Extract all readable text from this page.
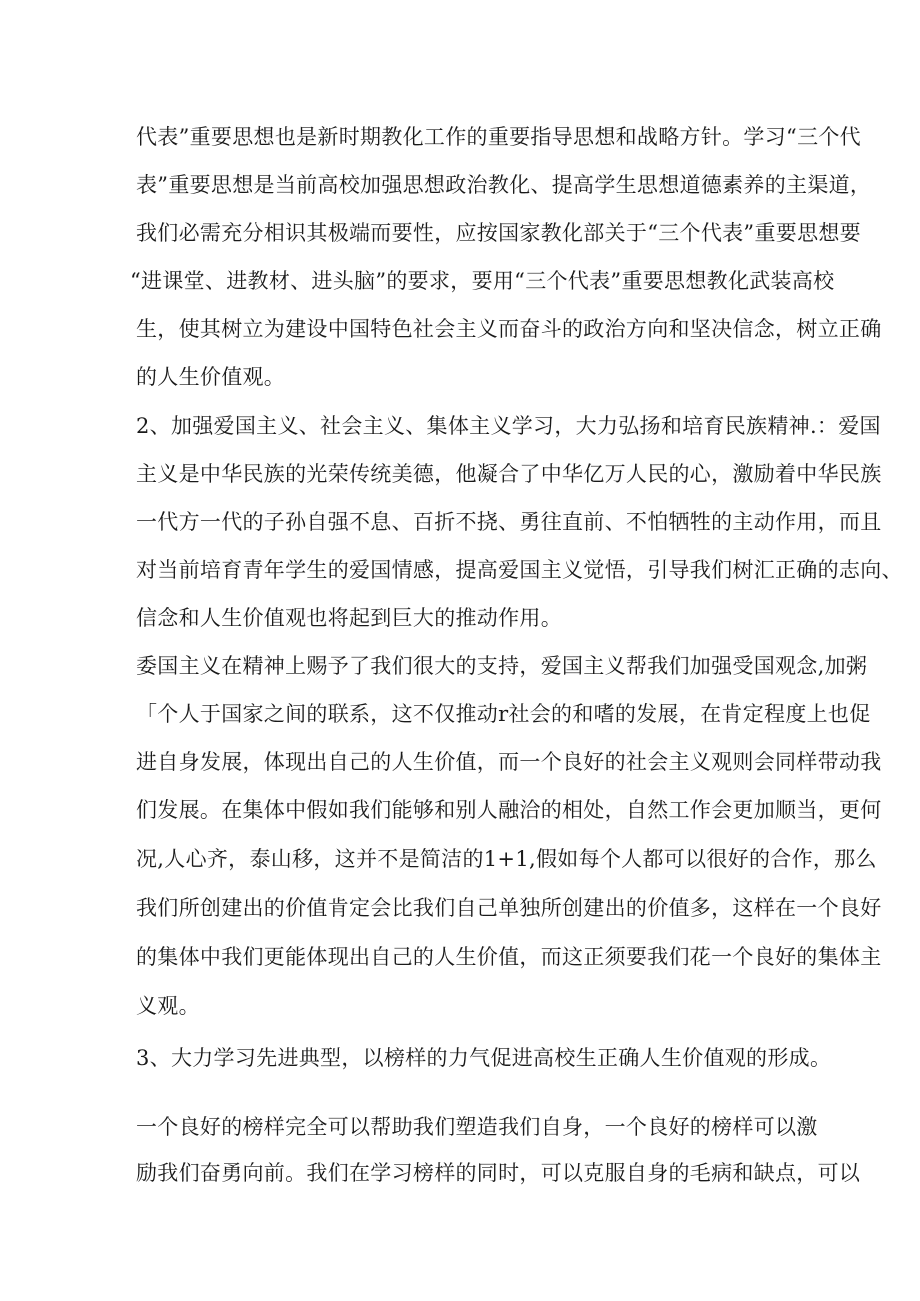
代表”重要思想也是新时期教化工作的重要指导思想和战略方针。学习“三个代
表”重要思想是当前高校加强思想政治教化、提高学生思想道德素养的主渠道，
我们必需充分相识其极端而要性，应按国家教化部关于“三个代表”重要思想要
“进课堂、进教材、进头脑”的要求，要用“三个代表”重要思想教化武装高校
生，使其树立为建设中国特色社会主义而奋斗的政治方向和坚决信念，树立正确
的人生价值观。
2、加强爱国主义、社会主义、集体主义学习，大力弘扬和培育民族精神.：爱国
主义是中华民族的光荣传统美德，他凝合了中华亿万人民的心，激励着中华民族
一代方一代的子孙自强不息、百折不挠、勇往直前、不怕牺牲的主动作用，而且
对当前培育青年学生的爱国情感，提高爱国主义觉悟，引导我们树汇正确的志向、
信念和人生价值观也将起到巨大的推动作用。
委国主义在精神上赐予了我们很大的支持，爱国主义帮我们加强受国观念,加粥
「个人于国家之间的联系，这不仅推动r社会的和嗜的发展，在肯定程度上也促
进自身发展，体现出自己的人生价值，而一个良好的社会主义观则会同样带动我
们发展。在集体中假如我们能够和别人融洽的相处，自然工作会更加顺当，更何
况,人心齐，泰山移，这并不是简洁的1+1,假如每个人都可以很好的合作，那么
我们所创建出的价值肯定会比我们自己单独所创建出的价值多，这样在一个良好
的集体中我们更能体现出自己的人生价值，而这正须要我们花一个良好的集体主
义观。
3、大力学习先进典型，以榜样的力气促进高校生正确人生价值观的形成。
一个良好的榜样完全可以帮助我们塑造我们自身，一个良好的榜样可以激
励我们奋勇向前。我们在学习榜样的同时，可以克服自身的毛病和缺点，可以
